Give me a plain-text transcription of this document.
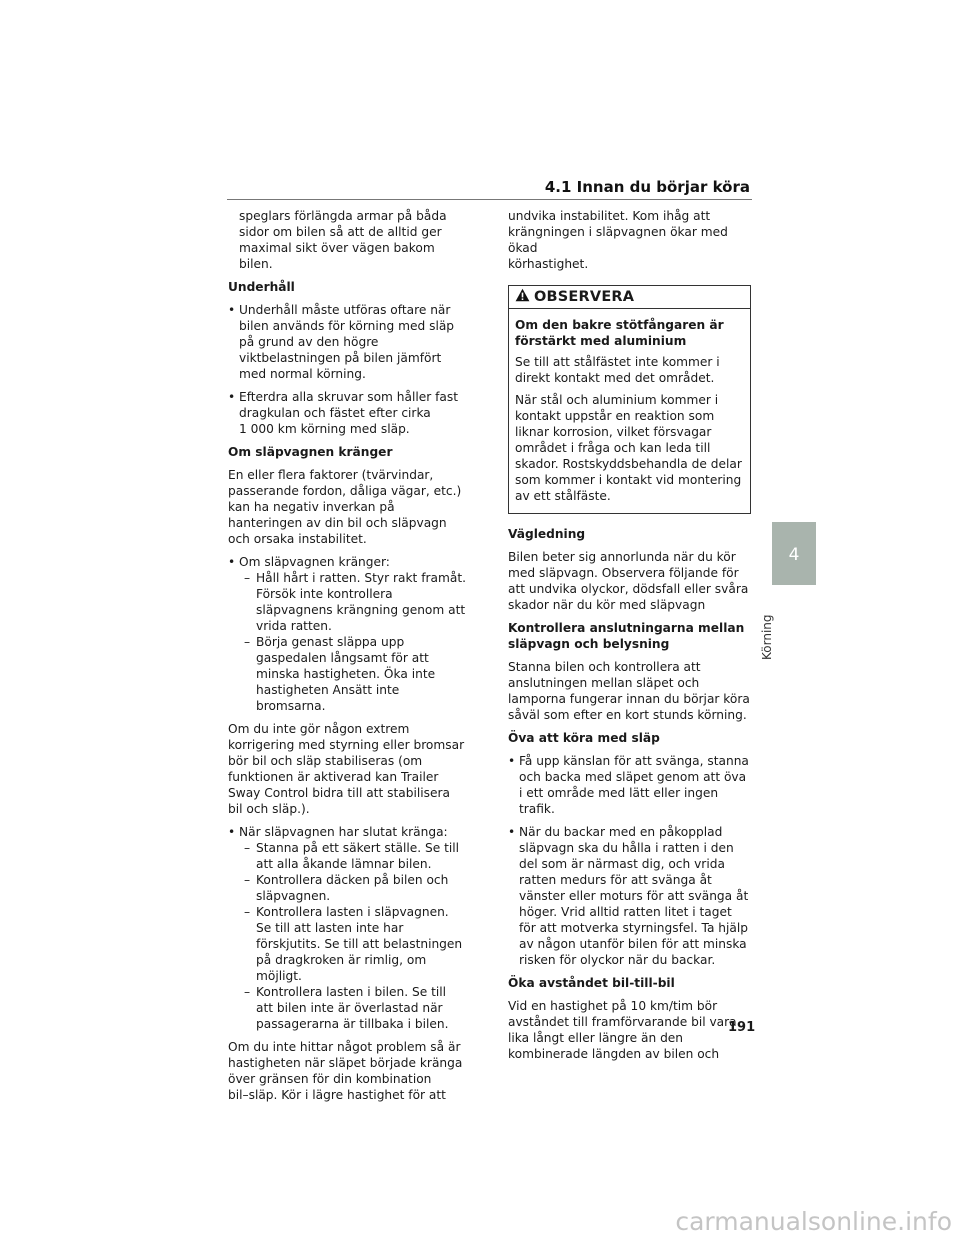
4.1 Innan du börjar köra

speglars förlängda armar på båda
sidor om bilen så att de alltid ger
maximal sikt över vägen bakom bilen.

Underhåll
• Underhåll måste utföras oftare när bilen används för körning med släp på grund av den högre viktbelastningen på bilen jämfört med normal körning.
• Efterdra alla skruvar som håller fast
dragkulan och fästet efter cirka
1 000 km körning med släp.
Om släpvagnen kränger

En eller flera faktorer (tvärvindar, passerande fordon, dåliga vägar, etc.) kan ha negativ inverkan på hanteringen av din bil och släpvagn och orsaka instabilitet.

• Om släpvagnen kränger:
– Håll hårt i ratten. Styr rakt framåt. Försök inte kontrollera släpvagnens krängning genom att vrida ratten.
– Börja genast släppa upp gaspedalen långsamt för att minska hastigheten. Öka inte hastigheten Ansätt inte bromsarna.

Om du inte gör någon extrem korrigering med styrning eller bromsar bör bil och släp stabiliseras (om funktionen är aktiverad kan Trailer Sway Control bidra till att stabilisera bil och släp.).

• När släpvagnen har slutat kränga:
– Stanna på ett säkert ställe. Se till att alla åkande lämnar bilen.
– Kontrollera däcken på bilen och släpvagnen.
– Kontrollera lasten i släpvagnen. Se till att lasten inte har förskjutits. Se till att belastningen på dragkroken är rimlig, om möjligt.
– Kontrollera lasten i bilen. Se till att bilen inte är överlastad när passagerarna är tillbaka i bilen.

Om du inte hittar något problem så är
hastigheten när släpet började kränga
över gränsen för din kombination
bil–släp. Kör i lägre hastighet för att

undvika instabilitet. Kom ihåg att
krängningen i släpvagnen ökar med ökad
körhastighet.

OBSERVERA
Om den bakre stötfångaren är
förstärkt med aluminium

Se till att stålfästet inte kommer i direkt kontakt med det området.

När stål och aluminium kommer i kontakt uppstår en reaktion som liknar korrosion, vilket försvagar området i fråga och kan leda till skador. Rostskyddsbehandla de delar som kommer i kontakt vid montering av ett stålfäste.

Vägledning

Bilen beter sig annorlunda när du kör med släpvagn. Observera följande för att undvika olyckor, dödsfall eller svåra skador när du kör med släpvagn

Kontrollera anslutningarna mellan
släpvagn och belysning

Stanna bilen och kontrollera att anslutningen mellan släpet och lamporna fungerar innan du börjar köra såväl som efter en kort stunds körning.

Öva att köra med släp
• Få upp känslan för att svänga, stanna och backa med släpet genom att öva i ett område med lätt eller ingen trafik.
• När du backar med en påkopplad släpvagn ska du hålla i ratten i den del som är närmast dig, och vrida ratten medurs för att svänga åt vänster eller moturs för att svänga åt höger. Vrid alltid ratten litet i taget för att motverka styrningsfel. Ta hjälp av någon utanför bilen för att minska risken för olyckor när du backar.
Öka avståndet bil-till-bil

Vid en hastighet på 10 km/tim bör
avståndet till framförvarande bil vara
lika långt eller längre än den
kombinerade längden av bilen och

4
Körning
191
carmanualsonline.info
